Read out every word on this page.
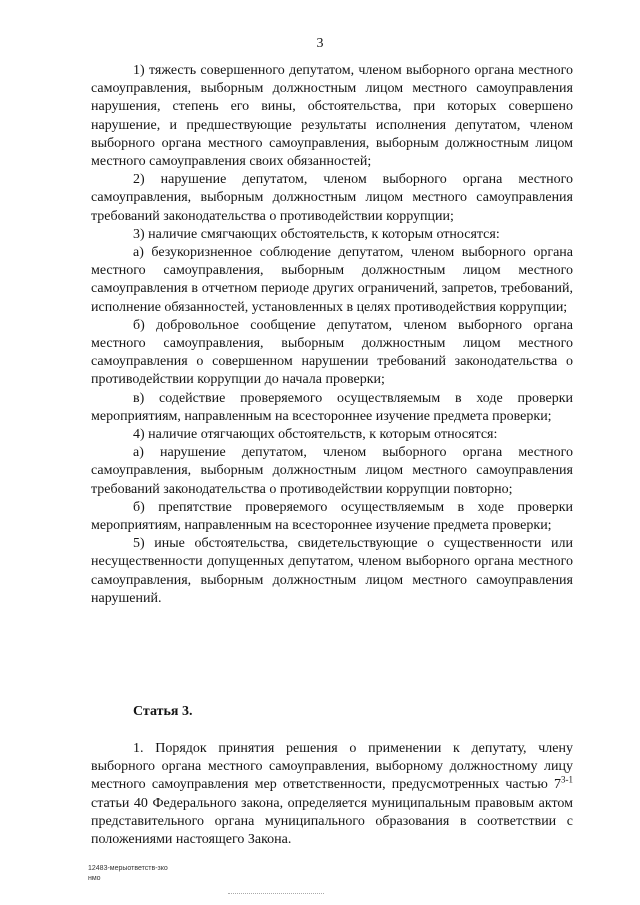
3

1) тяжесть совершенного депутатом, членом выборного органа местного самоуправления, выборным должностным лицом местного самоуправления нарушения, степень его вины, обстоятельства, при которых совершено нарушение, и предшествующие результаты исполнения депутатом, членом выборного органа местного самоуправления, выборным должностным лицом местного самоуправления своих обязанностей;

2) нарушение депутатом, членом выборного органа местного самоуправления, выборным должностным лицом местного самоуправления требований законодательства о противодействии коррупции;

3) наличие смягчающих обстоятельств, к которым относятся:

а) безукоризненное соблюдение депутатом, членом выборного органа местного самоуправления, выборным должностным лицом местного самоуправления в отчетном периоде других ограничений, запретов, требований, исполнение обязанностей, установленных в целях противодействия коррупции;

б) добровольное сообщение депутатом, членом выборного органа местного самоуправления, выборным должностным лицом местного самоуправления о совершенном нарушении требований законодательства о противодействии коррупции до начала проверки;

в) содействие проверяемого осуществляемым в ходе проверки мероприятиям, направленным на всестороннее изучение предмета проверки;

4) наличие отягчающих обстоятельств, к которым относятся:

а) нарушение депутатом, членом выборного органа местного самоуправления, выборным должностным лицом местного самоуправления требований законодательства о противодействии коррупции повторно;

б) препятствие проверяемого осуществляемым в ходе проверки мероприятиям, направленным на всестороннее изучение предмета проверки;

5) иные обстоятельства, свидетельствующие о существенности или несущественности допущенных депутатом, членом выборного органа местного самоуправления, выборным должностным лицом местного самоуправления нарушений.

Статья 3.

1. Порядок принятия решения о применении к депутату, члену выборного органа местного самоуправления, выборному должностному лицу местного самоуправления мер ответственности, предусмотренных частью 7$^{3-1}$ статьи 40 Федерального закона, определяется муниципальным правовым актом представительного органа муниципального образования в соответствии с положениями настоящего Закона.

12483-мерыответств-зко
нмо
